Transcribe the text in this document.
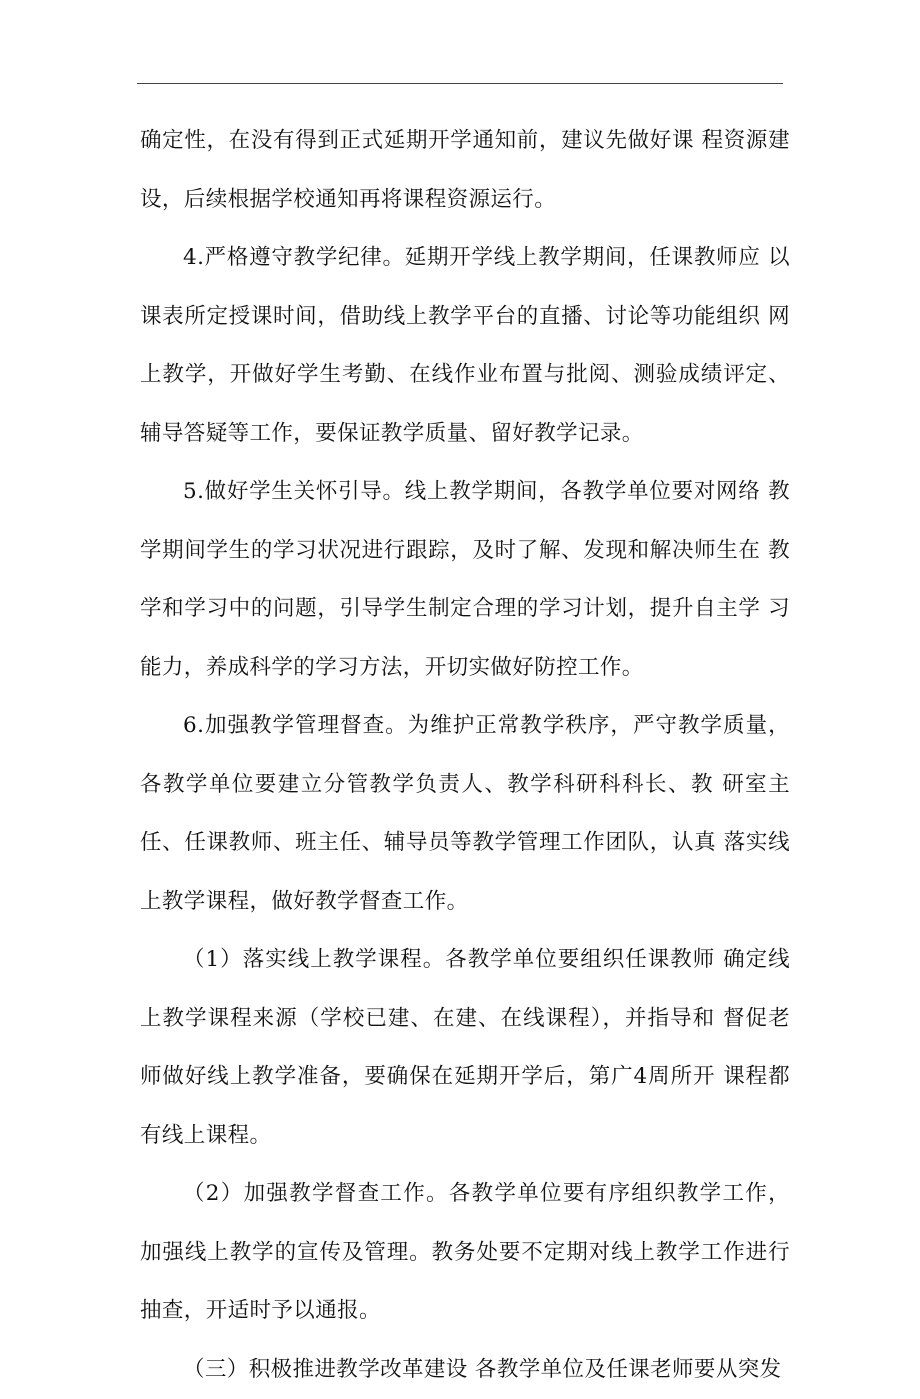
确定性，在没有得到正式延期开学通知前，建议先做好课 程资源建设，后续根据学校通知再将课程资源运行。

4.严格遵守教学纪律。延期开学线上教学期间，任课教师应 以课表所定授课时间，借助线上教学平台的直播、讨论等功能组织 网上教学，开做好学生考勤、在线作业布置与批阅、测验成绩评定、辅导答疑等工作，要保证教学质量、留好教学记录。

5.做好学生关怀引导。线上教学期间，各教学单位要对网络 教学期间学生的学习状况进行跟踪，及时了解、发现和解决师生在 教学和学习中的问题，引导学生制定合理的学习计划，提升自主学 习能力，养成科学的学习方法，开切实做好防控工作。

6.加强教学管理督查。为维护正常教学秩序，严守教学质量，各教学单位要建立分管教学负责人、教学科研科科长、教 研室主任、任课教师、班主任、辅导员等教学管理工作团队，认真 落实线上教学课程，做好教学督查工作。

（1）落实线上教学课程。各教学单位要组织任课教师 确定线上教学课程来源（学校已建、在建、在线课程），并指导和 督促老师做好线上教学准备，要确保在延期开学后，第广4周所开 课程都有线上课程。

（2）加强教学督查工作。各教学单位要有序组织教学工作， 加强线上教学的宣传及管理。教务处要不定期对线上教学工作进行 抽查，开适时予以通报。

（三）积极推进教学改革建设 各教学单位及任课老师要从突发
